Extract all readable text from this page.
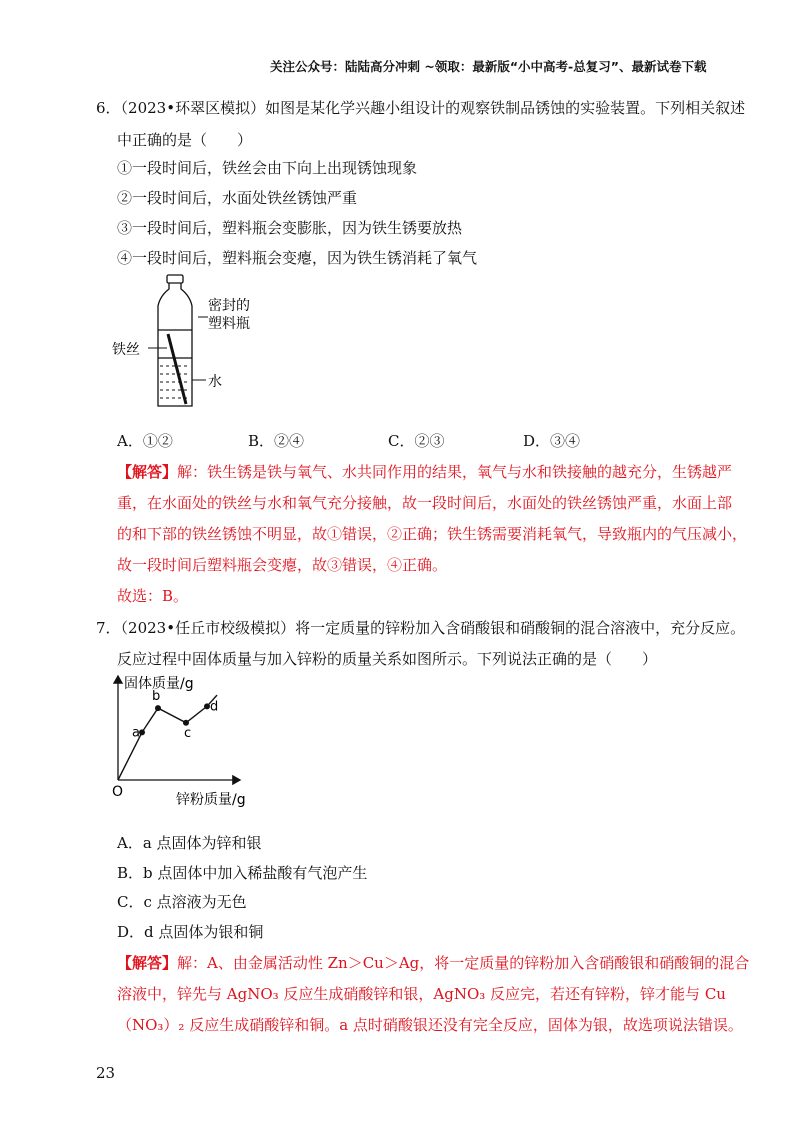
关注公众号：陆陆高分冲刺 ~领取：最新版“小中高考-总复习”、最新试卷下载
6．（2023•环翠区模拟）如图是某化学兴趣小组设计的观察铁制品锈蚀的实验装置。下列相关叙述
中正确的是（　　）
①一段时间后，铁丝会由下向上出现锈蚀现象
②一段时间后，水面处铁丝锈蚀严重
③一段时间后，塑料瓶会变膨胀，因为铁生锈要放热
④一段时间后，塑料瓶会变瘪，因为铁生锈消耗了氧气
密封的
塑料瓶
铁丝
水
A．①②	B．②④	C．②③	D．③④
【解答】解：铁生锈是铁与氧气、水共同作用的结果，氧气与水和铁接触的越充分，生锈越严
重，在水面处的铁丝与水和氧气充分接触，故一段时间后，水面处的铁丝锈蚀严重，水面上部
的和下部的铁丝锈蚀不明显，故①错误，②正确；铁生锈需要消耗氧气，导致瓶内的气压减小，
故一段时间后塑料瓶会变瘪，故③错误，④正确。
故选：B。
7．（2023•任丘市校级模拟）将一定质量的锌粉加入含硝酸银和硝酸铜的混合溶液中，充分反应。
反应过程中固体质量与加入锌粉的质量关系如图所示。下列说法正确的是（　　）
固体质量/g
锌粉质量/g
O
a
b
c
d
A．a 点固体为锌和银
B．b 点固体中加入稀盐酸有气泡产生
C．c 点溶液为无色
D．d 点固体为银和铜
【解答】解：A、由金属活动性 Zn＞Cu＞Ag，将一定质量的锌粉加入含硝酸银和硝酸铜的混合
溶液中，锌先与 AgNO₃ 反应生成硝酸锌和银，AgNO₃ 反应完，若还有锌粉，锌才能与 Cu
（NO₃）₂ 反应生成硝酸锌和铜。a 点时硝酸银还没有完全反应，固体为银，故选项说法错误。
23
